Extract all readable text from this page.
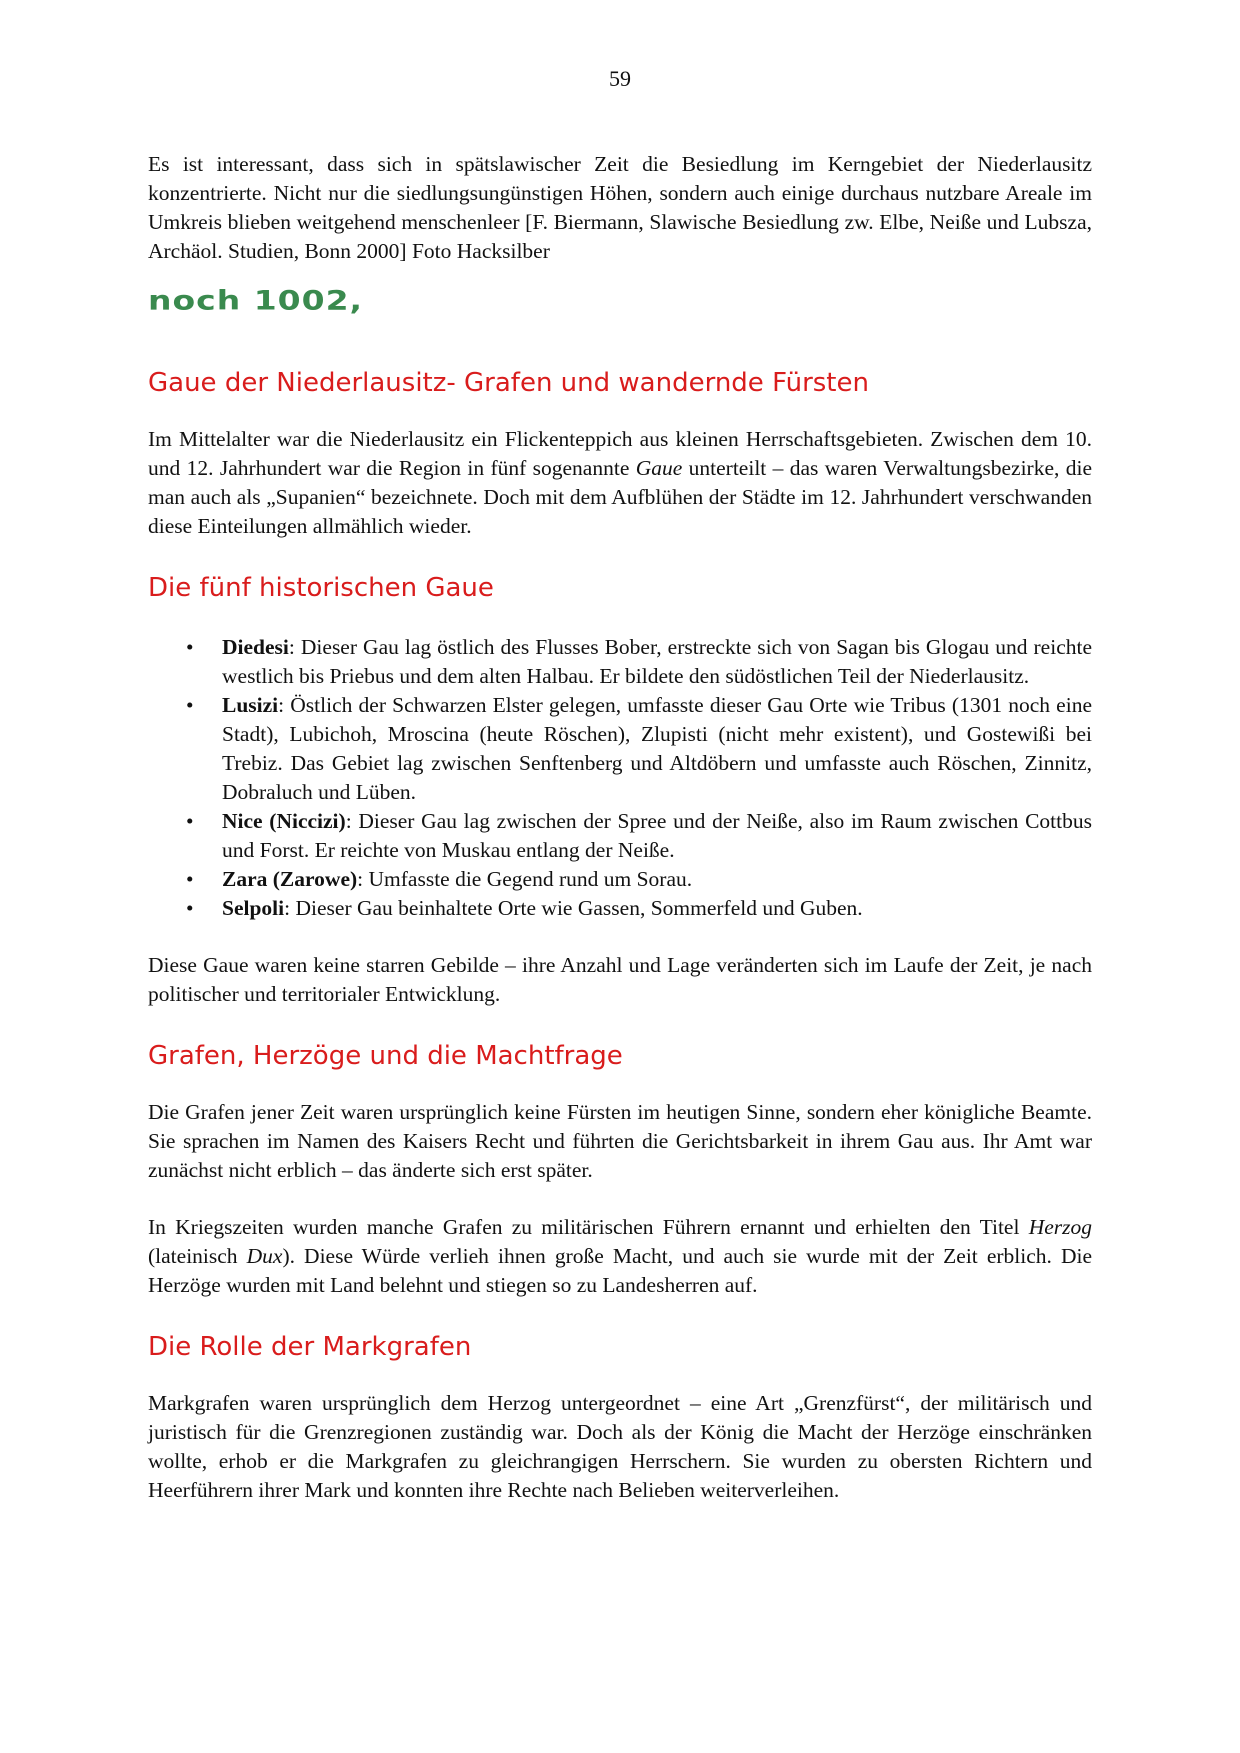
59

Es ist interessant, dass sich in spätslawischer Zeit die Besiedlung im Kerngebiet der Niederlausitz konzentrierte. Nicht nur die siedlungsungünstigen Höhen, sondern auch einige durchaus nutzbare Areale im Umkreis blieben weitgehend menschenleer [F. Biermann, Slawische Besiedlung zw. Elbe, Neiße und Lubsza, Archäol. Studien, Bonn 2000] Foto Hacksilber

noch 1002,
Gaue der Niederlausitz- Grafen und wandernde Fürsten

Im Mittelalter war die Niederlausitz ein Flickenteppich aus kleinen Herrschaftsgebieten. Zwischen dem 10. und 12. Jahrhundert war die Region in fünf sogenannte Gaue unterteilt – das waren Verwaltungsbezirke, die man auch als „Supanien“ bezeichnete. Doch mit dem Aufblühen der Städte im 12. Jahrhundert verschwanden diese Einteilungen allmählich wieder.

Die fünf historischen Gaue
• Diedesi: Dieser Gau lag östlich des Flusses Bober, erstreckte sich von Sagan bis Glogau und reichte westlich bis Priebus und dem alten Halbau. Er bildete den südöstlichen Teil der Niederlausitz.
• Lusizi: Östlich der Schwarzen Elster gelegen, umfasste dieser Gau Orte wie Tribus (1301 noch eine Stadt), Lubichoh, Mroscina (heute Röschen), Zlupisti (nicht mehr existent), und Gostewißi bei Trebiz. Das Gebiet lag zwischen Senftenberg und Altdöbern und umfasste auch Röschen, Zinnitz, Dobraluch und Lüben.
• Nice (Niccizi): Dieser Gau lag zwischen der Spree und der Neiße, also im Raum zwischen Cottbus und Forst. Er reichte von Muskau entlang der Neiße.
• Zara (Zarowe): Umfasste die Gegend rund um Sorau.
• Selpoli: Dieser Gau beinhaltete Orte wie Gassen, Sommerfeld und Guben.

Diese Gaue waren keine starren Gebilde – ihre Anzahl und Lage veränderten sich im Laufe der Zeit, je nach politischer und territorialer Entwicklung.

Grafen, Herzöge und die Machtfrage

Die Grafen jener Zeit waren ursprünglich keine Fürsten im heutigen Sinne, sondern eher königliche Beamte. Sie sprachen im Namen des Kaisers Recht und führten die Gerichtsbarkeit in ihrem Gau aus. Ihr Amt war zunächst nicht erblich – das änderte sich erst später.

In Kriegszeiten wurden manche Grafen zu militärischen Führern ernannt und erhielten den Titel Herzog (lateinisch Dux). Diese Würde verlieh ihnen große Macht, und auch sie wurde mit der Zeit erblich. Die Herzöge wurden mit Land belehnt und stiegen so zu Landesherren auf.

Die Rolle der Markgrafen

Markgrafen waren ursprünglich dem Herzog untergeordnet – eine Art „Grenzfürst“, der militärisch und juristisch für die Grenzregionen zuständig war. Doch als der König die Macht der Herzöge einschränken wollte, erhob er die Markgrafen zu gleichrangigen Herrschern. Sie wurden zu obersten Richtern und Heerführern ihrer Mark und konnten ihre Rechte nach Belieben weiterverleihen.
